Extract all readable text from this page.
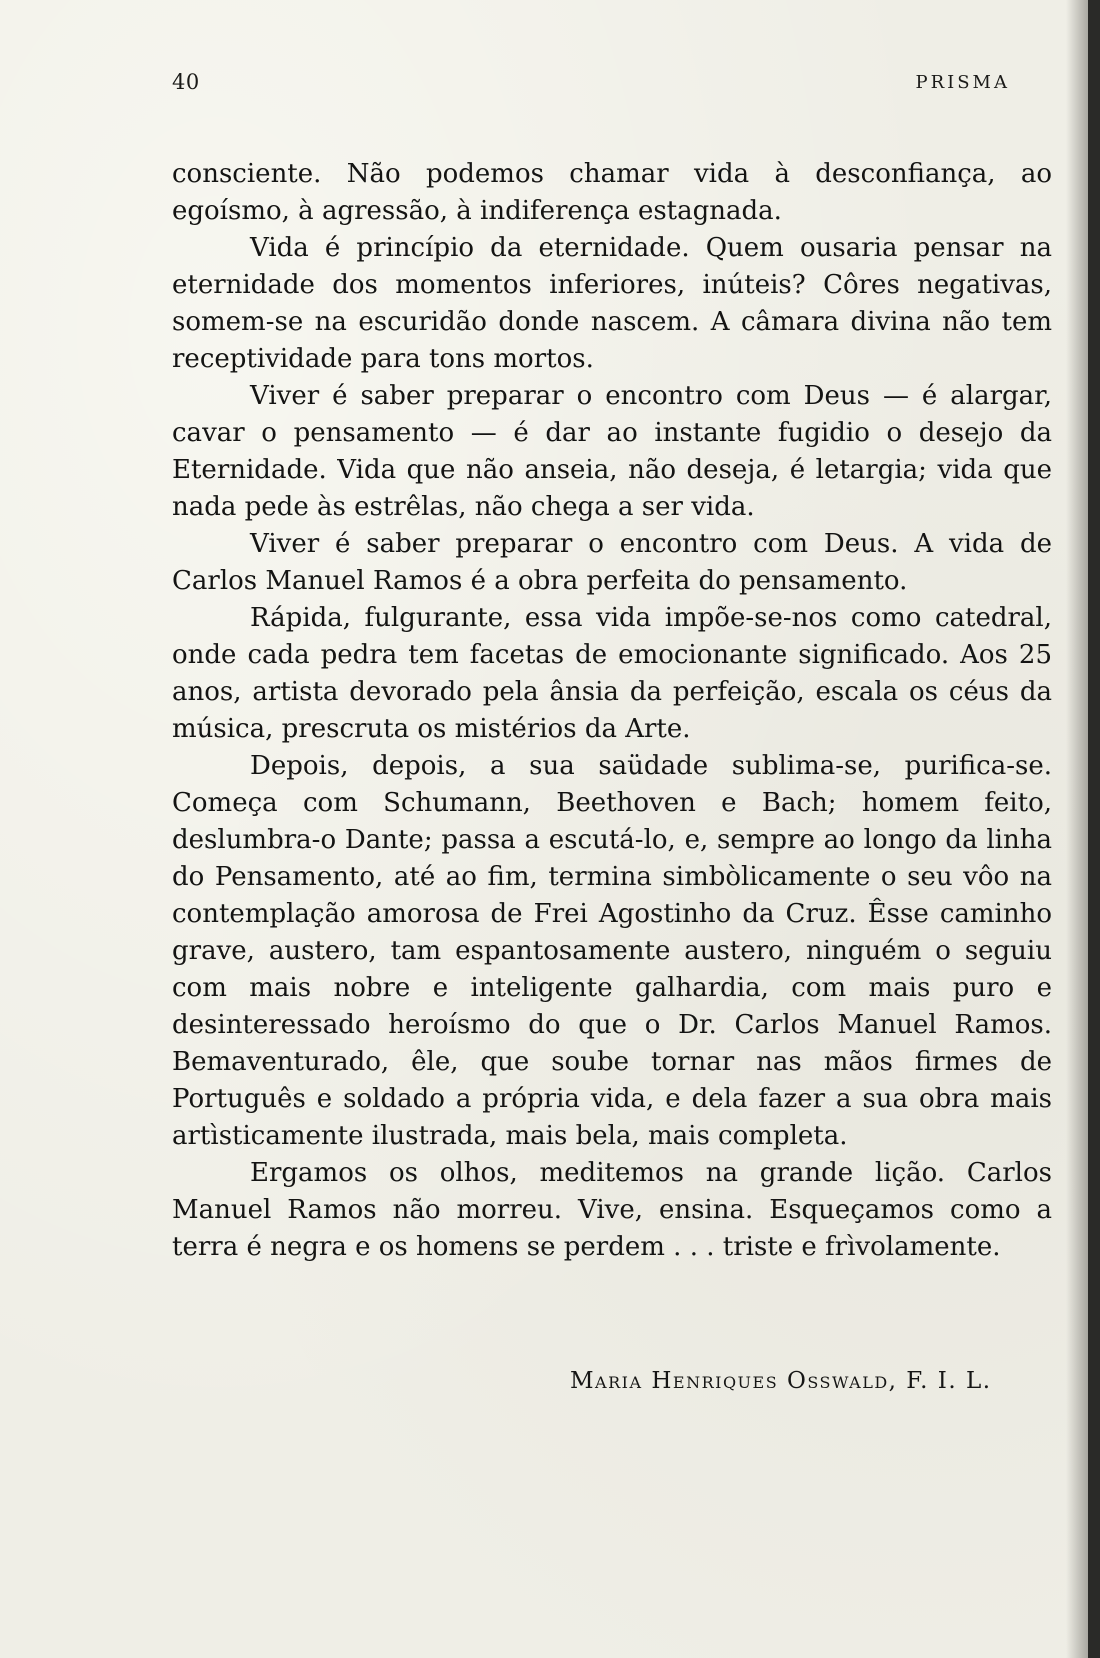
40	PRISMA

consciente. Não podemos chamar vida à desconfiança, ao egoísmo, à agressão, à indiferença estagnada.

Vida é princípio da eternidade. Quem ousaria pensar na eternidade dos momentos inferiores, inúteis? Côres negativas, somem-se na escuridão donde nascem. A câmara divina não tem receptividade para tons mortos.

Viver é saber preparar o encontro com Deus — é alargar, cavar o pensamento — é dar ao instante fugidio o desejo da Eternidade. Vida que não anseia, não deseja, é letargia; vida que nada pede às estrêlas, não chega a ser vida.

Viver é saber preparar o encontro com Deus. A vida de Carlos Manuel Ramos é a obra perfeita do pensamento.

Rápida, fulgurante, essa vida impõe-se-nos como catedral, onde cada pedra tem facetas de emocionante significado. Aos 25 anos, artista devorado pela ânsia da perfeição, escala os céus da música, prescruta os mistérios da Arte.

Depois, depois, a sua saüdade sublima-se, purifica-se. Começa com Schumann, Beethoven e Bach; homem feito, deslumbra-o Dante; passa a escutá-lo, e, sempre ao longo da linha do Pensamento, até ao fim, termina simbòlicamente o seu vôo na contemplação amorosa de Frei Agostinho da Cruz. Êsse caminho grave, austero, tam espantosamente austero, ninguém o seguiu com mais nobre e inteligente galhardia, com mais puro e desinteressado heroísmo do que o Dr. Carlos Manuel Ramos. Bemaventurado, êle, que soube tornar nas mãos firmes de Português e soldado a própria vida, e dela fazer a sua obra mais artìsticamente ilustrada, mais bela, mais completa.

Ergamos os olhos, meditemos na grande lição. Carlos Manuel Ramos não morreu. Vive, ensina. Esqueçamos como a terra é negra e os homens se perdem . . . triste e frìvolamente.

Maria Henriques Osswald, F. I. L.
